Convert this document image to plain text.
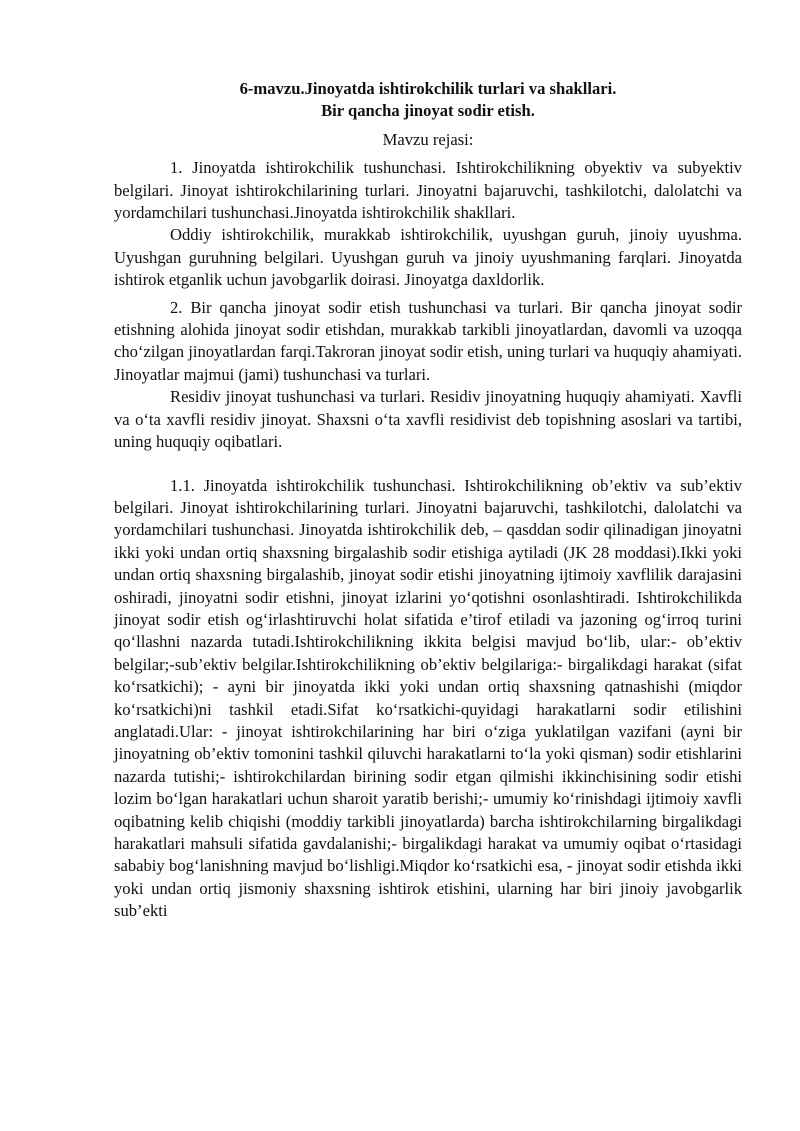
6-mavzu.Jinoyatda ishtirokchilik turlari va shakllari.
Bir qancha jinoyat sodir etish.
Mavzu rejasi:

1. Jinoyatda ishtirokchilik tushunchasi. Ishtirokchilikning obyektiv va subyektiv belgilari. Jinoyat ishtirokchilarining turlari. Jinoyatni bajaruvchi, tashkilotchi, dalolatchi va yordamchilari tushunchasi.Jinoyatda ishtirokchilik shakllari.

Oddiy ishtirokchilik, murakkab ishtirokchilik, uyushgan guruh, jinoiy uyushma. Uyushgan guruhning belgilari. Uyushgan guruh va jinoiy uyushmaning farqlari. Jinoyatda ishtirok etganlik uchun javobgarlik doirasi. Jinoyatga daxldorlik.

2. Bir qancha jinoyat sodir etish tushunchasi va turlari. Bir qancha jinoyat sodir etishning alohida jinoyat sodir etishdan, murakkab tarkibli jinoyatlardan, davomli va uzoqqa cho‘zilgan jinoyatlardan farqi.Takroran jinoyat sodir etish, uning turlari va huquqiy ahamiyati. Jinoyatlar majmui (jami) tushunchasi va turlari.

Residiv jinoyat tushunchasi va turlari. Residiv jinoyatning huquqiy ahamiyati. Xavfli va o‘ta xavfli residiv jinoyat. Shaxsni o‘ta xavfli residivist deb topishning asoslari va tartibi, uning huquqiy oqibatlari.

1.1. Jinoyatda ishtirokchilik tushunchasi. Ishtirokchilikning ob’ektiv va sub’ektiv belgilari. Jinoyat ishtirokchilarining turlari. Jinoyatni bajaruvchi, tashkilotchi, dalolatchi va yordamchilari tushunchasi. Jinoyatda ishtirokchilik deb, – qasddan sodir qilinadigan jinoyatni ikki yoki undan ortiq shaxsning birgalashib sodir etishiga aytiladi (JK 28 moddasi).Ikki yoki undan ortiq shaxsning birgalashib, jinoyat sodir etishi jinoyatning ijtimoiy xavflilik darajasini oshiradi, jinoyatni sodir etishni, jinoyat izlarini yo‘qotishni osonlashtiradi. Ishtirokchilikda jinoyat sodir etish og‘irlashtiruvchi holat sifatida e’tirof etiladi va jazoning og‘irroq turini qo‘llashni nazarda tutadi.Ishtirokchilikning ikkita belgisi mavjud bo‘lib, ular:- ob’ektiv belgilar;-sub’ektiv belgilar.Ishtirokchilikning ob’ektiv belgilariga:- birgalikdagi harakat (sifat ko‘rsatkichi); - ayni bir jinoyatda ikki yoki undan ortiq shaxsning qatnashishi (miqdor ko‘rsatkichi)ni tashkil etadi.Sifat ko‘rsatkichi-quyidagi harakatlarni sodir etilishini anglatadi.Ular: - jinoyat ishtirokchilarining har biri o‘ziga yuklatilgan vazifani (ayni bir jinoyatning ob’ektiv tomonini tashkil qiluvchi harakatlarni to‘la yoki qisman) sodir etishlarini nazarda tutishi;- ishtirokchilardan birining sodir etgan qilmishi ikkinchisining sodir etishi lozim bo‘lgan harakatlari uchun sharoit yaratib berishi;- umumiy ko‘rinishdagi ijtimoiy xavfli oqibatning kelib chiqishi (moddiy tarkibli jinoyatlarda) barcha ishtirokchilarning birgalikdagi harakatlari mahsuli sifatida gavdalanishi;- birgalikdagi harakat va umumiy oqibat o‘rtasidagi sababiy bog‘lanishning mavjud bo‘lishligi.Miqdor ko‘rsatkichi esa, - jinoyat sodir etishda ikki yoki undan ortiq jismoniy shaxsning ishtirok etishini, ularning har biri jinoiy javobgarlik sub’ekti
